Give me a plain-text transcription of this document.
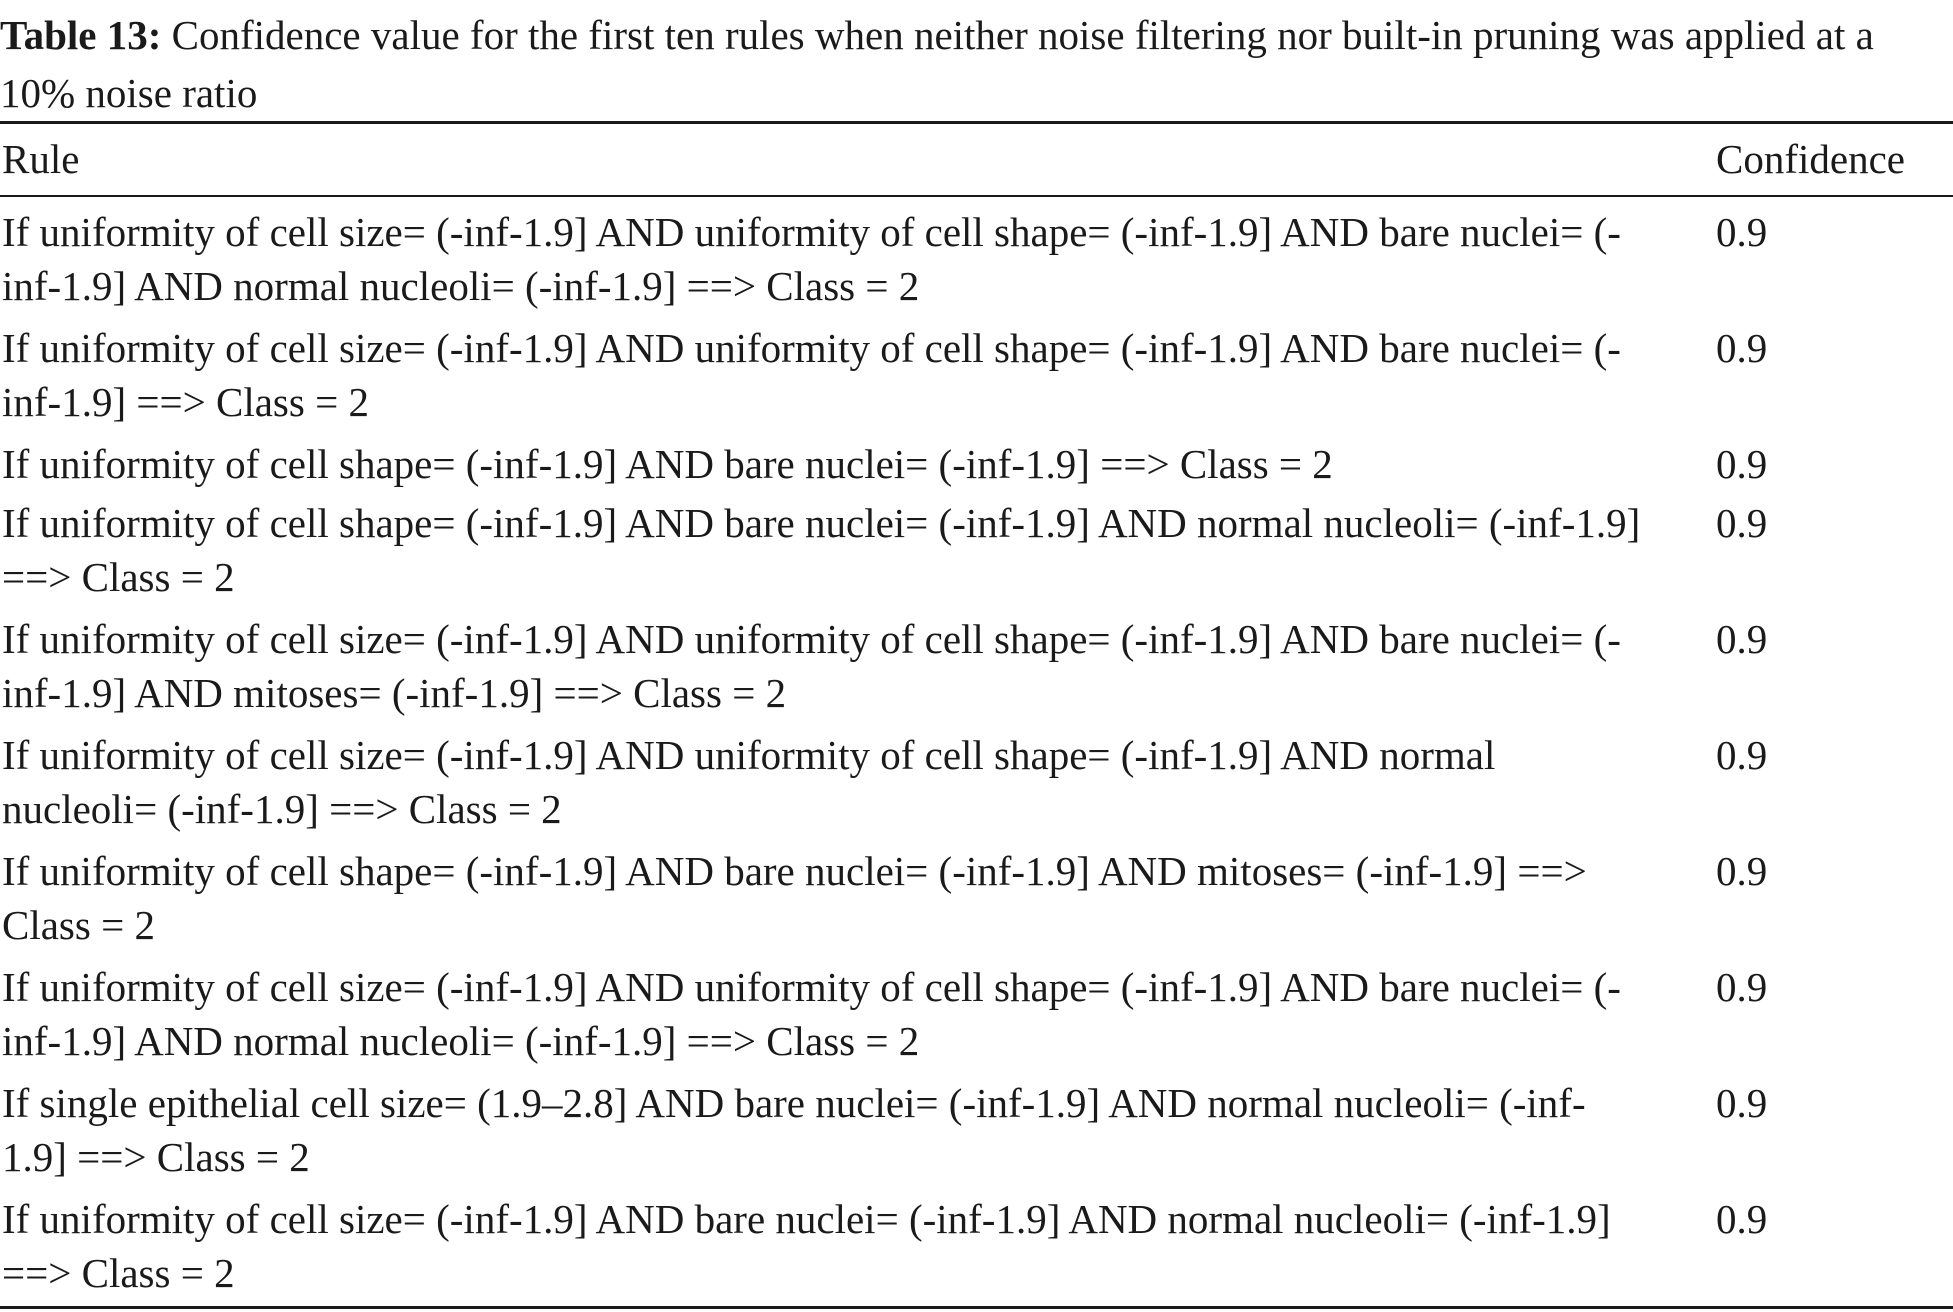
Table 13: Confidence value for the first ten rules when neither noise filtering nor built-in pruning was applied at a 10% noise ratio
Rule	Confidence
If uniformity of cell size= (-inf-1.9] AND uniformity of cell shape= (-inf-1.9] AND bare nuclei= (-inf-1.9] AND normal nucleoli= (-inf-1.9] ==> Class = 2
0.9
If uniformity of cell size= (-inf-1.9] AND uniformity of cell shape= (-inf-1.9] AND bare nuclei= (-inf-1.9] ==> Class = 2
0.9
If uniformity of cell shape= (-inf-1.9] AND bare nuclei= (-inf-1.9] ==> Class = 2	0.9
If uniformity of cell shape= (-inf-1.9] AND bare nuclei= (-inf-1.9] AND normal nucleoli= (-inf-1.9] ==> Class = 2
0.9
If uniformity of cell size= (-inf-1.9] AND uniformity of cell shape= (-inf-1.9] AND bare nuclei= (-inf-1.9] AND mitoses= (-inf-1.9] ==> Class = 2
0.9
If uniformity of cell size= (-inf-1.9] AND uniformity of cell shape= (-inf-1.9] AND normal nucleoli= (-inf-1.9] ==> Class = 2
0.9
If uniformity of cell shape= (-inf-1.9] AND bare nuclei= (-inf-1.9] AND mitoses= (-inf-1.9] ==> Class = 2
0.9
If uniformity of cell size= (-inf-1.9] AND uniformity of cell shape= (-inf-1.9] AND bare nuclei= (-inf-1.9] AND normal nucleoli= (-inf-1.9] ==> Class = 2
0.9
If single epithelial cell size= (1.9–2.8] AND bare nuclei= (-inf-1.9] AND normal nucleoli= (-inf-1.9] ==> Class = 2
0.9
If uniformity of cell size= (-inf-1.9] AND bare nuclei= (-inf-1.9] AND normal nucleoli= (-inf-1.9] ==> Class = 2
0.9
